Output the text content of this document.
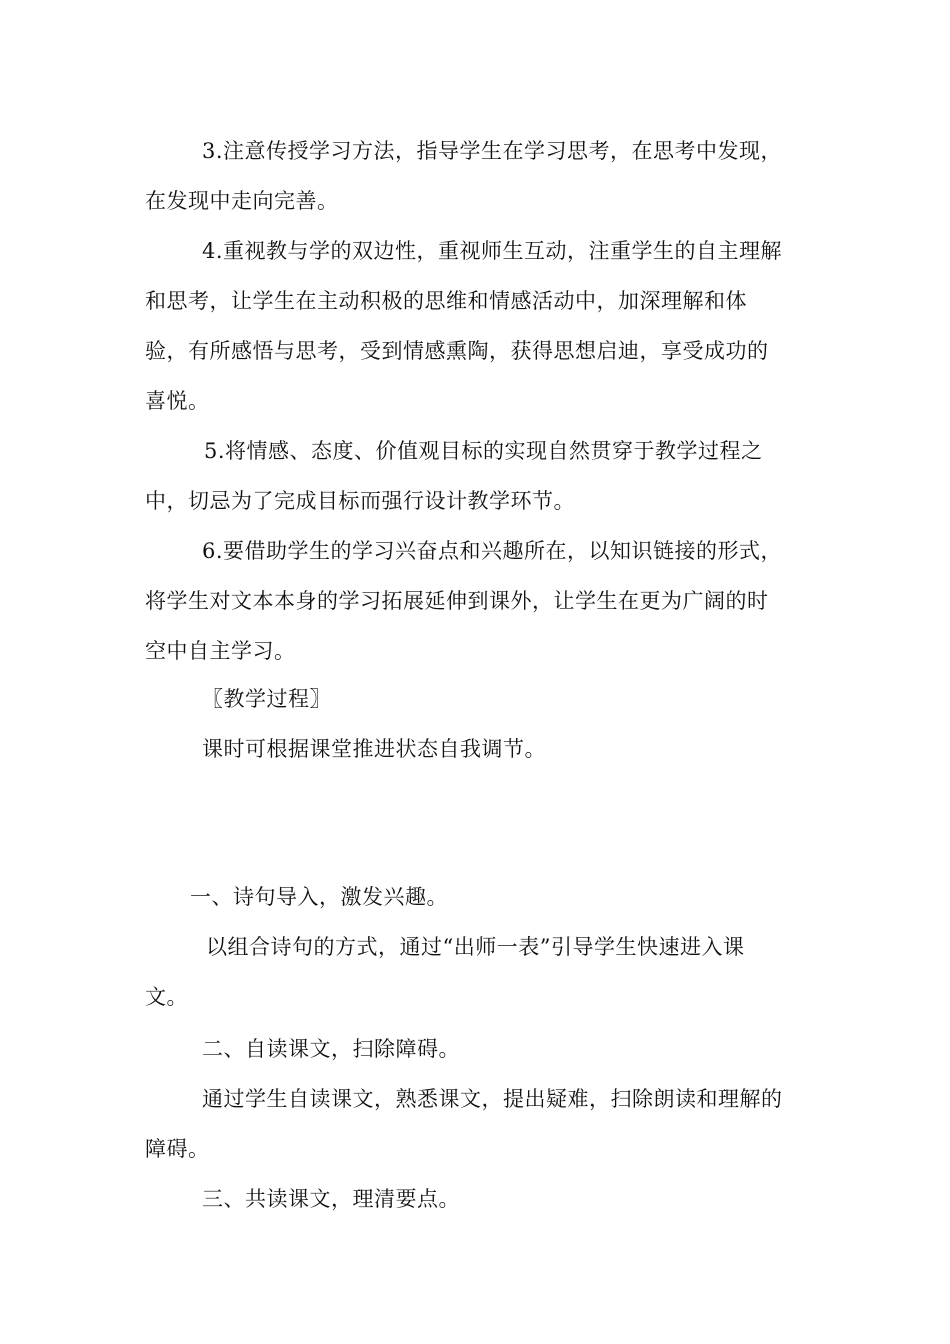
3.注意传授学习方法，指导学生在学习思考，在思考中发现，
在发现中走向完善。
4.重视教与学的双边性，重视师生互动，注重学生的自主理解
和思考，让学生在主动积极的思维和情感活动中，加深理解和体
验，有所感悟与思考，受到情感熏陶，获得思想启迪，享受成功的
喜悦。
5.将情感、态度、价值观目标的实现自然贯穿于教学过程之
中，切忌为了完成目标而强行设计教学环节。
6.要借助学生的学习兴奋点和兴趣所在，以知识链接的形式，
将学生对文本本身的学习拓展延伸到课外，让学生在更为广阔的时
空中自主学习。
〖教学过程〗
课时可根据课堂推进状态自我调节。
一、诗句导入，激发兴趣。
以组合诗句的方式，通过“出师一表”引导学生快速进入课
文。
二、自读课文，扫除障碍。
通过学生自读课文，熟悉课文，提出疑难，扫除朗读和理解的
障碍。
三、共读课文，理清要点。
